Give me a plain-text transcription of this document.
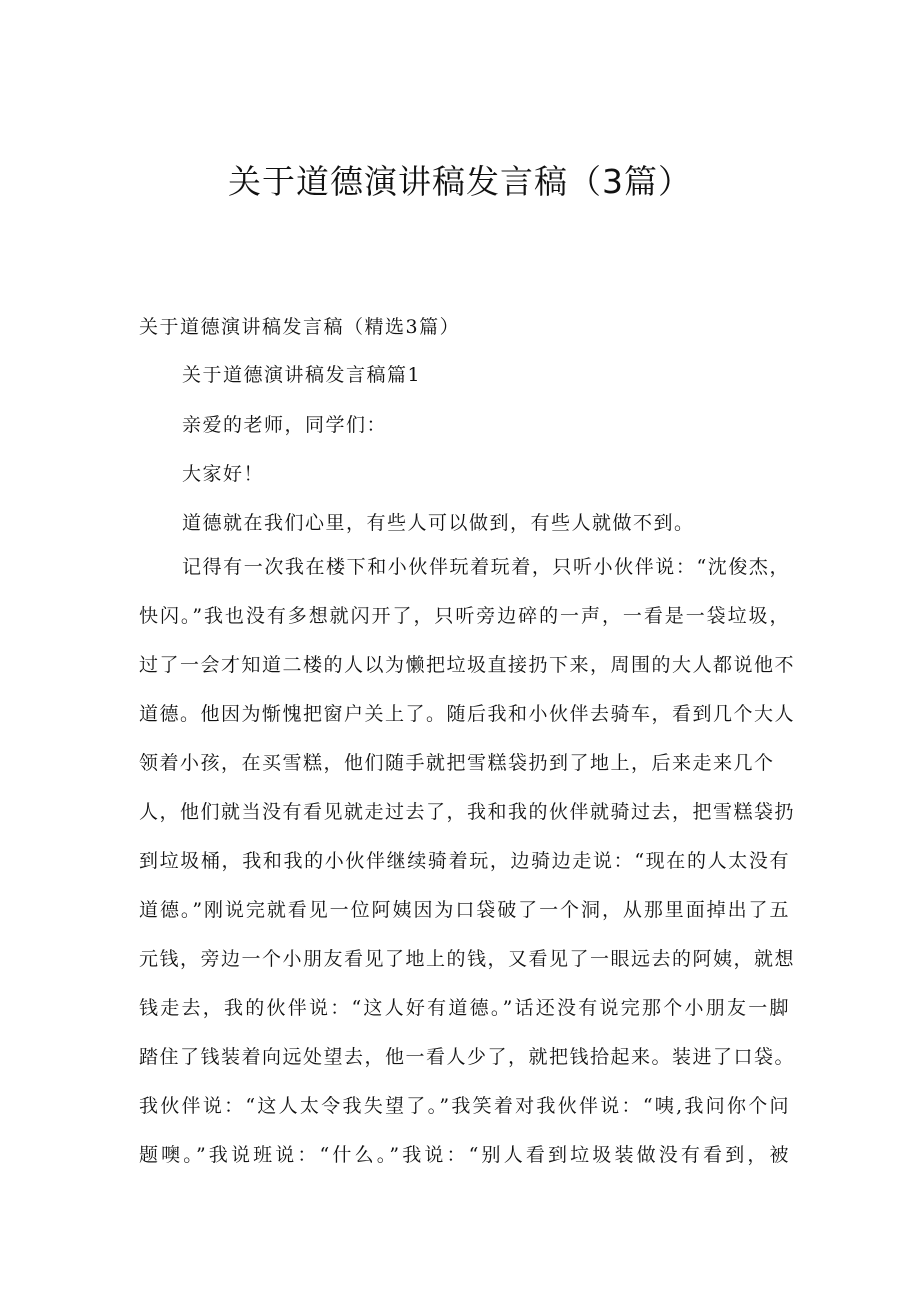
关于道德演讲稿发言稿（3篇）

关于道德演讲稿发言稿（精选3篇）

关于道德演讲稿发言稿篇1

亲爱的老师，同学们：

大家好！

道德就在我们心里，有些人可以做到，有些人就做不到。

记得有一次我在楼下和小伙伴玩着玩着，只听小伙伴说：“沈俊杰，

快闪。”我也没有多想就闪开了，只听旁边碎的一声，一看是一袋垃圾，

过了一会才知道二楼的人以为懒把垃圾直接扔下来，周围的大人都说他不

道德。他因为惭愧把窗户关上了。随后我和小伙伴去骑车，看到几个大人

领着小孩，在买雪糕，他们随手就把雪糕袋扔到了地上，后来走来几个

人，他们就当没有看见就走过去了，我和我的伙伴就骑过去，把雪糕袋扔

到垃圾桶，我和我的小伙伴继续骑着玩，边骑边走说：“现在的人太没有

道德。”刚说完就看见一位阿姨因为口袋破了一个洞，从那里面掉出了五

元钱，旁边一个小朋友看见了地上的钱，又看见了一眼远去的阿姨，就想

钱走去，我的伙伴说：“这人好有道德。”话还没有说完那个小朋友一脚

踏住了钱装着向远处望去，他一看人少了，就把钱拾起来。装进了口袋。

我伙伴说：“这人太令我失望了。”我笑着对我伙伴说：“咦,我问你个问

题噢。”我说班说：“什么。”我说：“别人看到垃圾装做没有看到，被
